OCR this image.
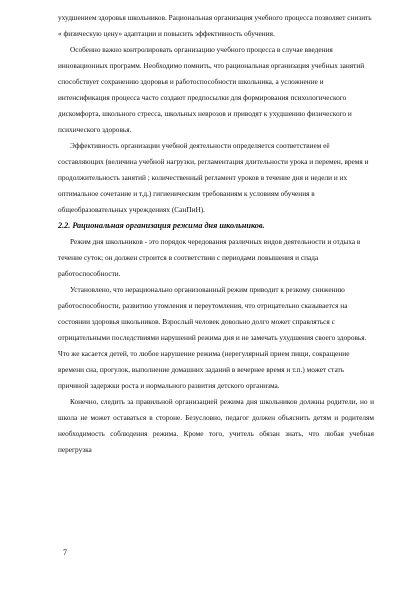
ухудшением здоровья школьников. Рациональная организация учебного процесса позволяет снизить « физическую цену» адаптации и повысить эффективность обучения.

Особенно важно контролировать организацию учебного процесса в случае введения инновационных программ. Необходимо помнить, что рациональная организация учебных занятий способствует сохранению здоровья и работоспособности школьника, а усложнение и интенсификация процесса часто создают предпосылки для формирования психологического дискомфорта, школьного стресса, школьных неврозов и приводят к ухудшению физического и психического здоровья.

Эффективность организации учебной деятельности определяется соответствием её составляющих (величина учебной нагрузки, регламентация длительности урока и перемен, время и продолжительность занятий ; количественный регламент уроков в течение дня и недели и их оптимальное сочетание и т.д.) гигиеническим требованиям к условиям обучения в общеобразовательных учреждениях (СанПиН).

2.2. Рациональная организация режима дня школьников.

Режим дня школьников - это порядок чередования различных видов деятельности и отдыха в течение суток; он должен строится в соответствии с периодами повышения и спада работоспособности.

Установлено, что нерационально организованный режим приводит к резкому снижению работоспособности, развитию утомления и переутомления, что отрицательно сказывается на состоянии здоровья школьников. Взрослый человек довольно долго может справляться с отрицательными последствиями нарушений режима дня и не замечать ухудшения своего здоровья. Что же касается детей, то любое нарушение режима (нерегулярный прием пищи, сокращение времени сна, прогулок, выполнение домашних заданий в вечернее время и т.п.) может стать причиной задержки роста и нормального развития детского организма.

Конечно, следить за правильной организацией режима дня школьников должны родители, но и школа не может оставаться в стороне. Безусловно, педагог должен объяснить детям и родителям необходимость соблюдения режима. Кроме того, учитель обязан знать, что любая учебная перегрузка

7
